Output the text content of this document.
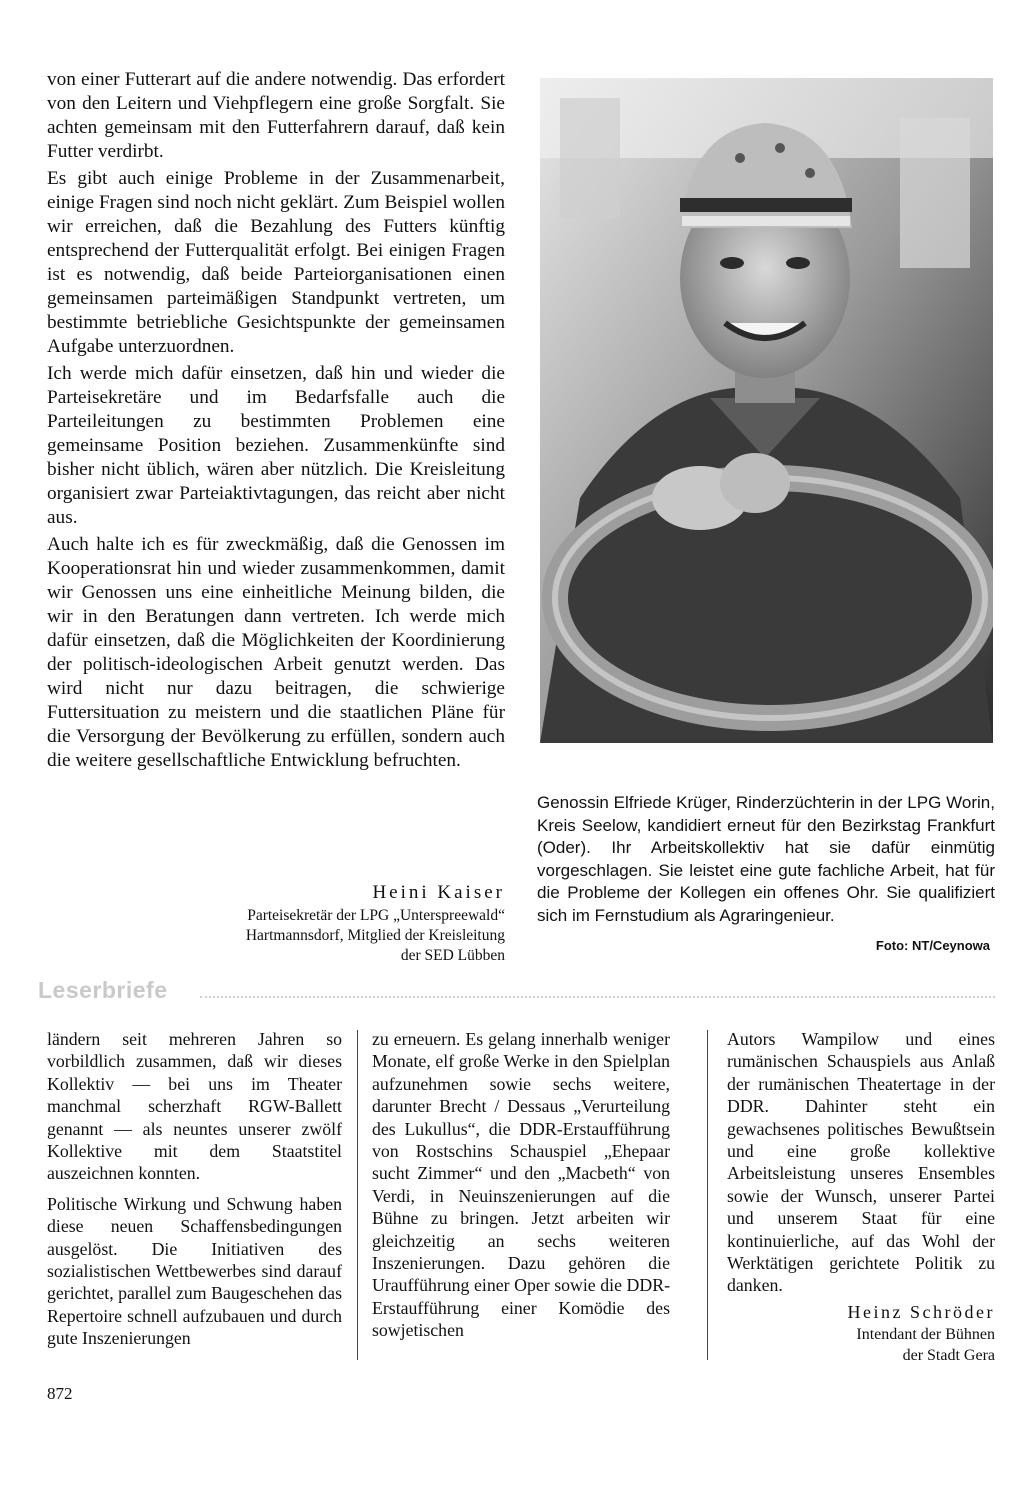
von einer Futterart auf die andere notwendig. Das erfordert von den Leitern und Viehpflegern eine große Sorgfalt. Sie achten gemeinsam mit den Futterfahrern darauf, daß kein Futter verdirbt.

Es gibt auch einige Probleme in der Zusammenarbeit, einige Fragen sind noch nicht geklärt. Zum Beispiel wollen wir erreichen, daß die Bezahlung des Futters künftig entsprechend der Futterqualität erfolgt. Bei einigen Fragen ist es notwendig, daß beide Parteiorganisationen einen gemeinsamen parteimäßigen Standpunkt vertreten, um bestimmte betriebliche Gesichtspunkte der gemeinsamen Aufgabe unterzuordnen.

Ich werde mich dafür einsetzen, daß hin und wieder die Parteisekretäre und im Bedarfsfalle auch die Parteileitungen zu bestimmten Problemen eine gemeinsame Position beziehen. Zusammenkünfte sind bisher nicht üblich, wären aber nützlich. Die Kreisleitung organisiert zwar Parteiaktivtagungen, das reicht aber nicht aus.

Auch halte ich es für zweckmäßig, daß die Genossen im Kooperationsrat hin und wieder zusammenkommen, damit wir Genossen uns eine einheitliche Meinung bilden, die wir in den Beratungen dann vertreten. Ich werde mich dafür einsetzen, daß die Möglichkeiten der Koordinierung der politisch-ideologischen Arbeit genutzt werden. Das wird nicht nur dazu beitragen, die schwierige Futtersituation zu meistern und die staatlichen Pläne für die Versorgung der Bevölkerung zu erfüllen, sondern auch die weitere gesellschaftliche Entwicklung befruchten.

Heini Kaiser
Parteisekretär der LPG „Unterspreewald“
Hartmannsdorf, Mitglied der Kreisleitung
der SED Lübben
Genossin Elfriede Krüger, Rinderzüchterin in der LPG Worin, Kreis Seelow, kandidiert erneut für den Bezirkstag Frankfurt (Oder). Ihr Arbeitskollektiv hat sie dafür einmütig vorgeschlagen. Sie leistet eine gute fachliche Arbeit, hat für die Probleme der Kollegen ein offenes Ohr. Sie qualifiziert sich im Fernstudium als Agraringenieur.
Foto: NT/Ceynowa
Leserbriefe

ländern seit mehreren Jahren so vorbildlich zusammen, daß wir dieses Kollektiv — bei uns im Theater manchmal scherzhaft RGW-Ballett genannt — als neuntes unserer zwölf Kollektive mit dem Staatstitel auszeichnen konnten.

Politische Wirkung und Schwung haben diese neuen Schaffensbedingungen ausgelöst. Die Initiativen des sozialistischen Wettbewerbes sind darauf gerichtet, parallel zum Baugeschehen das Repertoire schnell aufzubauen und durch gute Inszenierungen

zu erneuern. Es gelang innerhalb weniger Monate, elf große Werke in den Spielplan aufzunehmen sowie sechs weitere, darunter Brecht / Dessaus „Verurteilung des Lukullus“, die DDR-Erstaufführung von Rostschins Schauspiel „Ehepaar sucht Zimmer“ und den „Macbeth“ von Verdi, in Neuinszenierungen auf die Bühne zu bringen. Jetzt arbeiten wir gleichzeitig an sechs weiteren Inszenierungen. Dazu gehören die Uraufführung einer Oper sowie die DDR-Erstaufführung einer Komödie des sowjetischen

Autors Wampilow und eines rumänischen Schauspiels aus Anlaß der rumänischen Theatertage in der DDR. Dahinter steht ein gewachsenes politisches Bewußtsein und eine große kollektive Arbeitsleistung unseres Ensembles sowie der Wunsch, unserer Partei und unserem Staat für eine kontinuierliche, auf das Wohl der Werktätigen gerichtete Politik zu danken.

Heinz Schröder
Intendant der Bühnen
der Stadt Gera
872
